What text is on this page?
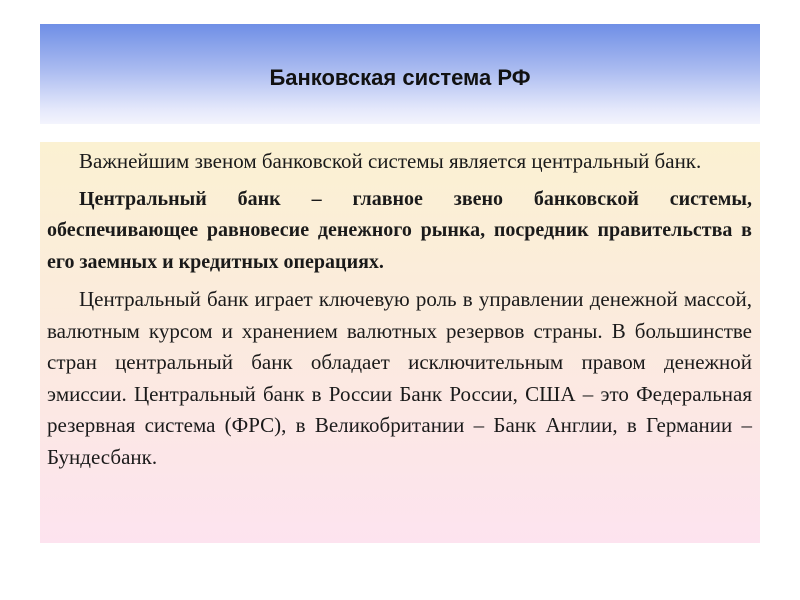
Банковская система РФ

Важнейшим звеном банковской системы является центральный банк.

Центральный банк – главное звено банковской системы, обеспечивающее равновесие денежного рынка, посредник правительства в его заемных и кредитных операциях.

Центральный банк играет ключевую роль в управлении денежной массой, валютным курсом и хранением валютных резервов страны. В большинстве стран центральный банк обладает исключительным правом денежной эмиссии. Центральный банк в России Банк России, США – это Федеральная резервная система (ФРС), в Великобритании – Банк Англии, в Германии – Бундесбанк.
